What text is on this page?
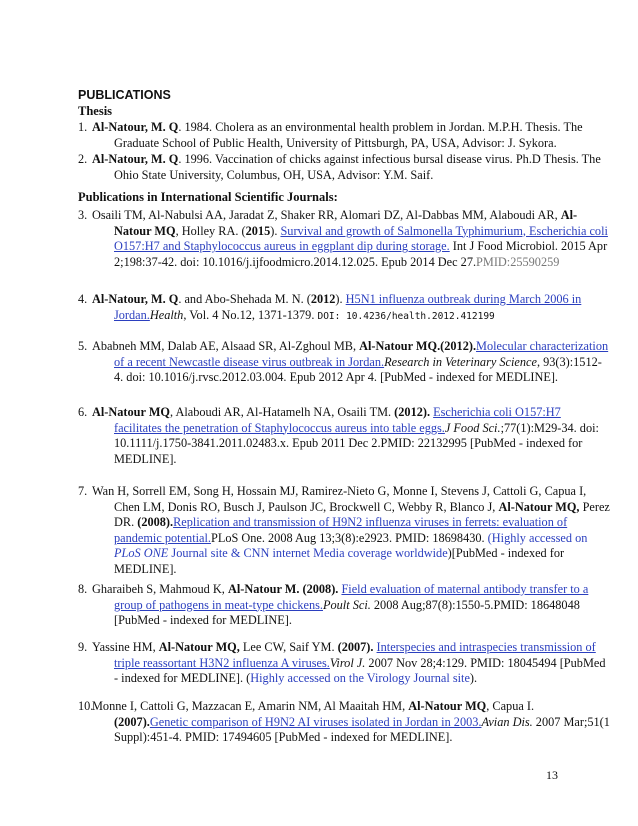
PUBLICATIONS
Thesis
1. Al-Natour, M. Q. 1984. Cholera as an environmental health problem in Jordan. M.P.H. Thesis. The Graduate School of Public Health, University of Pittsburgh, PA, USA, Advisor: J. Sykora.
2. Al-Natour, M. Q. 1996. Vaccination of chicks against infectious bursal disease virus. Ph.D Thesis. The Ohio State University, Columbus, OH, USA, Advisor: Y.M. Saif.
Publications in International Scientific Journals:
3. Osaili TM, Al-Nabulsi AA, Jaradat Z, Shaker RR, Alomari DZ, Al-Dabbas MM, Alaboudi AR, Al-Natour MQ, Holley RA. (2015). Survival and growth of Salmonella Typhimurium, Escherichia coli O157:H7 and Staphylococcus aureus in eggplant dip during storage. Int J Food Microbiol. 2015 Apr 2;198:37-42. doi: 10.1016/j.ijfoodmicro.2014.12.025. Epub 2014 Dec 27.PMID:25590259
4. Al-Natour, M. Q. and Abo-Shehada M. N. (2012). H5N1 influenza outbreak during March 2006 in Jordan.Health, Vol. 4 No.12, 1371-1379. DOI: 10.4236/health.2012.412199
5. Ababneh MM, Dalab AE, Alsaad SR, Al-Zghoul MB, Al-Natour MQ.(2012).Molecular characterization of a recent Newcastle disease virus outbreak in Jordan.Research in Veterinary Science, 93(3):1512-4. doi: 10.1016/j.rvsc.2012.03.004. Epub 2012 Apr 4. [PubMed - indexed for MEDLINE].
6. Al-Natour MQ, Alaboudi AR, Al-Hatamelh NA, Osaili TM. (2012). Escherichia coli O157:H7 facilitates the penetration of Staphylococcus aureus into table eggs.J Food Sci.;77(1):M29-34. doi: 10.1111/j.1750-3841.2011.02483.x. Epub 2011 Dec 2.PMID: 22132995 [PubMed - indexed for MEDLINE].
7. Wan H, Sorrell EM, Song H, Hossain MJ, Ramirez-Nieto G, Monne I, Stevens J, Cattoli G, Capua I, Chen LM, Donis RO, Busch J, Paulson JC, Brockwell C, Webby R, Blanco J, Al-Natour MQ, Perez DR. (2008).Replication and transmission of H9N2 influenza viruses in ferrets: evaluation of pandemic potential.PLoS One. 2008 Aug 13;3(8):e2923. PMID: 18698430. (Highly accessed on PLoS ONE Journal site & CNN internet Media coverage worldwide)[PubMed - indexed for MEDLINE].
8. Gharaibeh S, Mahmoud K, Al-Natour M. (2008). Field evaluation of maternal antibody transfer to a group of pathogens in meat-type chickens.Poult Sci. 2008 Aug;87(8):1550-5.PMID: 18648048 [PubMed - indexed for MEDLINE].
9. Yassine HM, Al-Natour MQ, Lee CW, Saif YM. (2007). Interspecies and intraspecies transmission of triple reassortant H3N2 influenza A viruses.Virol J. 2007 Nov 28;4:129. PMID: 18045494 [PubMed - indexed for MEDLINE]. (Highly accessed on the Virology Journal site).
10.
Monne I, Cattoli G, Mazzacan E, Amarin NM, Al Maaitah HM, Al-Natour MQ, Capua I. (2007).Genetic comparison of H9N2 AI viruses isolated in Jordan in 2003.Avian Dis. 2007 Mar;51(1 Suppl):451-4. PMID: 17494605 [PubMed - indexed for MEDLINE].
13
